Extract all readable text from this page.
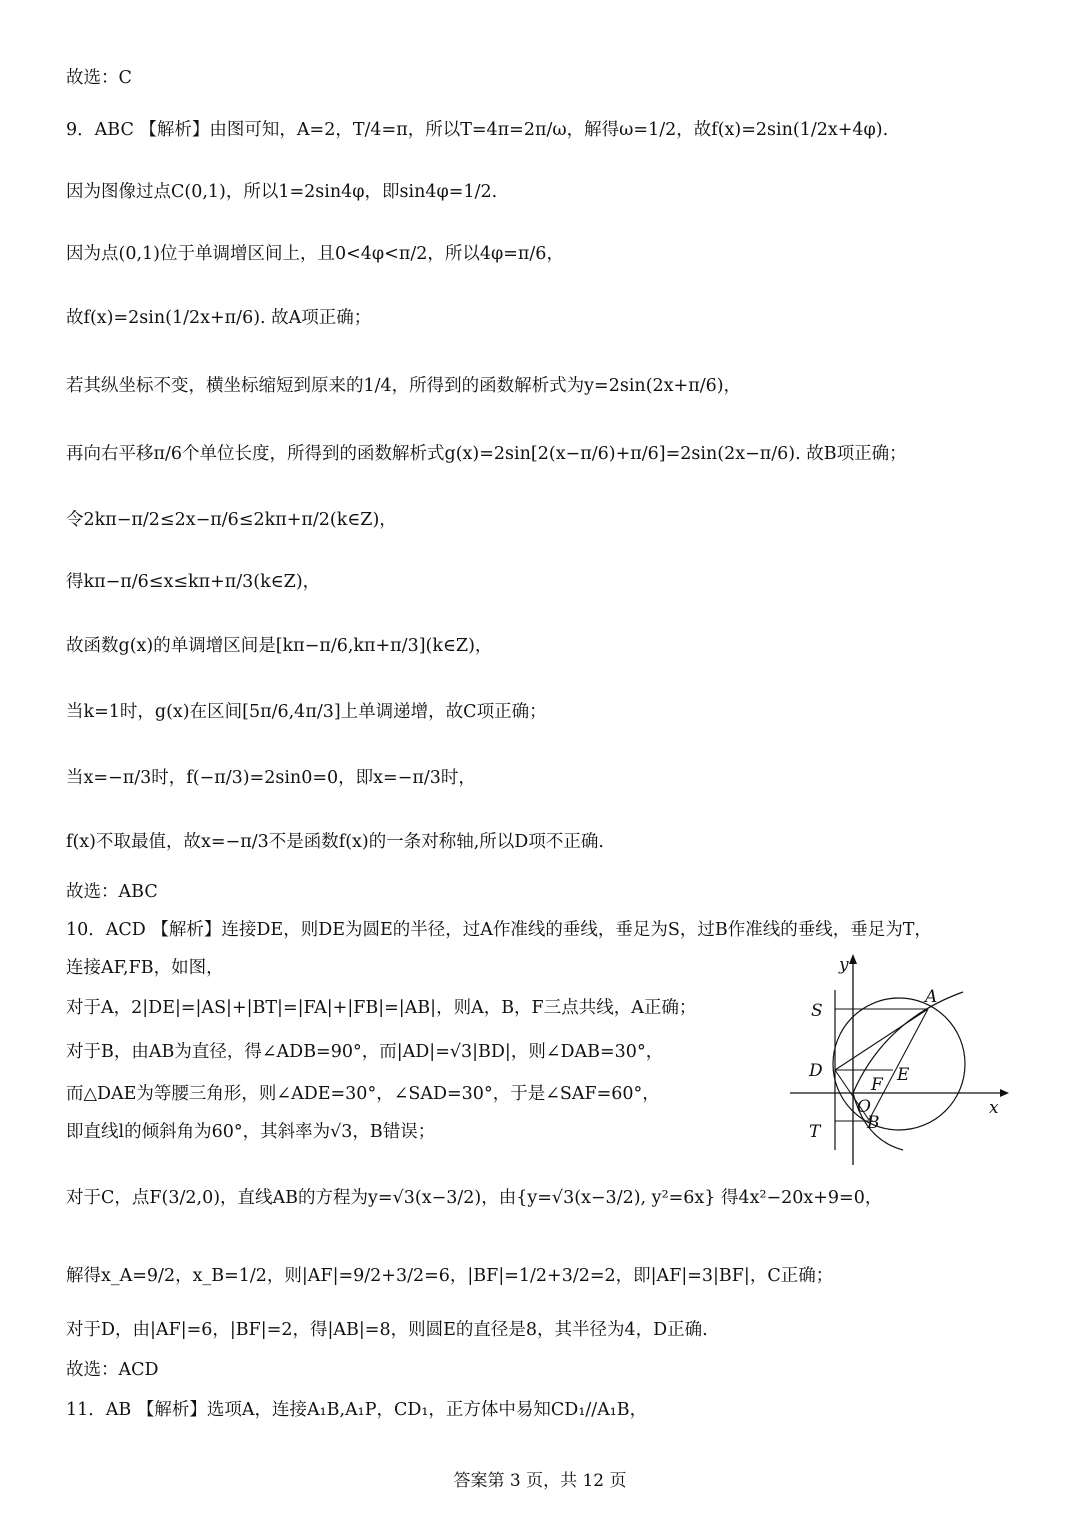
故选：C
9．ABC 【解析】由图可知，A=2，T/4=π，所以T=4π=2π/ω，解得ω=1/2，故f(x)=2sin(1/2x+4φ).
因为图像过点C(0,1)，所以1=2sin4φ，即sin4φ=1/2.
因为点(0,1)位于单调增区间上，且0<4φ<π/2，所以4φ=π/6，
故f(x)=2sin(1/2x+π/6). 故A项正确；
若其纵坐标不变，横坐标缩短到原来的1/4，所得到的函数解析式为y=2sin(2x+π/6)，
再向右平移π/6个单位长度，所得到的函数解析式g(x)=2sin[2(x−π/6)+π/6]=2sin(2x−π/6). 故B项正确；
令2kπ−π/2≤2x−π/6≤2kπ+π/2(k∈Z)，
得kπ−π/6≤x≤kπ+π/3(k∈Z)，
故函数g(x)的单调增区间是[kπ−π/6,kπ+π/3](k∈Z)，
当k=1时，g(x)在区间[5π/6,4π/3]上单调递增，故C项正确；
当x=−π/3时，f(−π/3)=2sin0=0，即x=−π/3时，
f(x)不取最值，故x=−π/3不是函数f(x)的一条对称轴,所以D项不正确.
故选：ABC
10．ACD 【解析】连接DE，则DE为圆E的半径，过A作准线的垂线，垂足为S，过B作准线的垂线，垂足为T，
连接AF,FB，如图，
对于A，2|DE|=|AS|+|BT|=|FA|+|FB|=|AB|，则A，B，F三点共线，A正确；
对于B，由AB为直径，得∠ADB=90°，而|AD|=√3|BD|，则∠DAB=30°，
而△DAE为等腰三角形，则∠ADE=30°，∠SAD=30°，于是∠SAF=60°，
即直线l的倾斜角为60°，其斜率为√3，B错误；
对于C，点F(3/2,0)，直线AB的方程为y=√3(x−3/2)，由{y=√3(x−3/2), y²=6x} 得4x²−20x+9=0，
解得x_A=9/2，x_B=1/2，则|AF|=9/2+3/2=6，|BF|=1/2+3/2=2，即|AF|=3|BF|，C正确；
对于D，由|AF|=6，|BF|=2，得|AB|=8，则圆E的直径是8，其半径为4，D正确.
故选：ACD
11．AB 【解析】选项A，连接A₁B,A₁P，CD₁，正方体中易知CD₁//A₁B，
y
x
S
A
D	E
F
O
B
T
答案第 3 页，共 12 页
